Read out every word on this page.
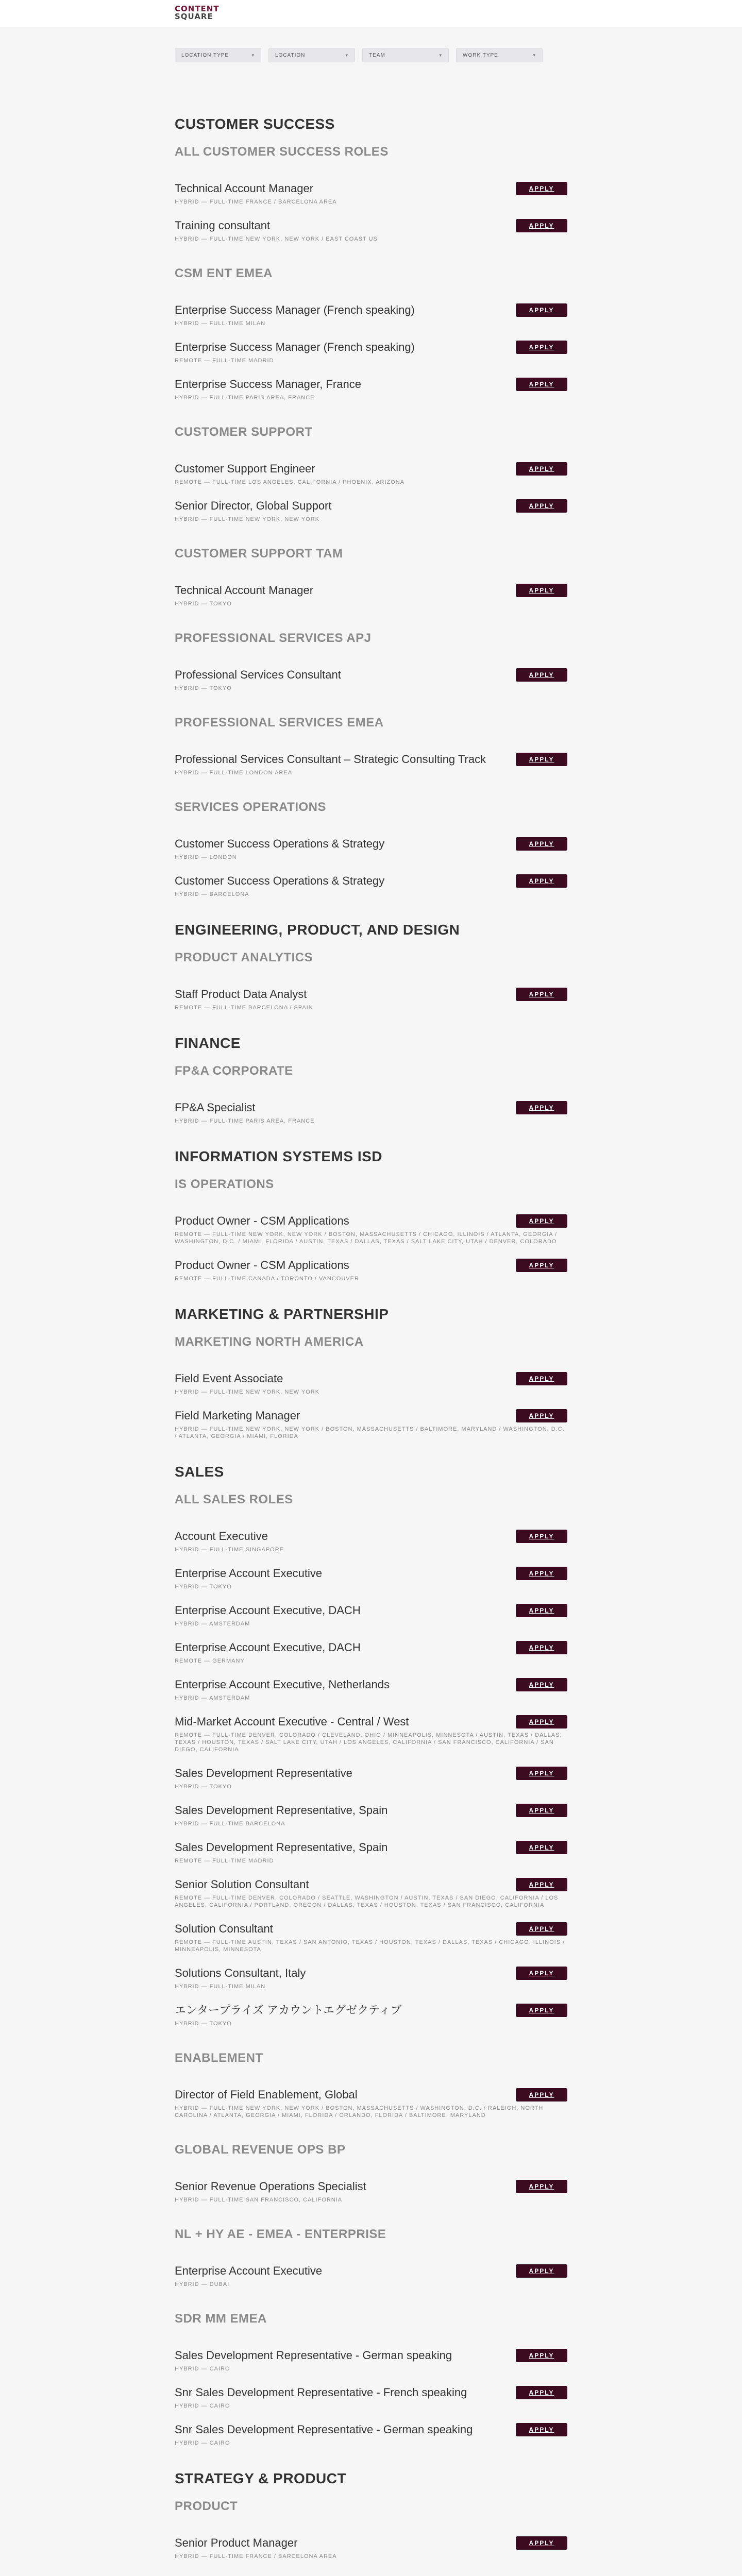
CONTENT
SQUARE
LOCATION TYPE	▾	LOCATION	▾	TEAM	▾	WORK TYPE	▾
CUSTOMER SUCCESS
ALL CUSTOMER SUCCESS ROLES
Technical Account Manager
HYBRID — FULL-TIME FRANCE / BARCELONA AREA
APPLY
Training consultant
HYBRID — FULL-TIME NEW YORK, NEW YORK / EAST COAST US
APPLY
CSM ENT EMEA
Enterprise Success Manager (French speaking)
HYBRID — FULL-TIME MILAN
APPLY
Enterprise Success Manager (French speaking)
REMOTE — FULL-TIME MADRID
APPLY
Enterprise Success Manager, France
HYBRID — FULL-TIME PARIS AREA, FRANCE
APPLY
CUSTOMER SUPPORT
Customer Support Engineer
REMOTE — FULL-TIME LOS ANGELES, CALIFORNIA / PHOENIX, ARIZONA
APPLY
Senior Director, Global Support
HYBRID — FULL-TIME NEW YORK, NEW YORK
APPLY
CUSTOMER SUPPORT TAM
Technical Account Manager
HYBRID — TOKYO
APPLY
PROFESSIONAL SERVICES APJ
Professional Services Consultant
HYBRID — TOKYO
APPLY
PROFESSIONAL SERVICES EMEA
Professional Services Consultant – Strategic Consulting Track
HYBRID — FULL-TIME LONDON AREA
APPLY
SERVICES OPERATIONS
Customer Success Operations & Strategy
HYBRID — LONDON
APPLY
Customer Success Operations & Strategy
HYBRID — BARCELONA
APPLY
ENGINEERING, PRODUCT, AND DESIGN
PRODUCT ANALYTICS
Staff Product Data Analyst
REMOTE — FULL-TIME BARCELONA / SPAIN
APPLY
FINANCE
FP&A CORPORATE
FP&A Specialist
HYBRID — FULL-TIME PARIS AREA, FRANCE
APPLY
INFORMATION SYSTEMS ISD
IS OPERATIONS
Product Owner - CSM Applications
REMOTE — FULL-TIME NEW YORK, NEW YORK / BOSTON, MASSACHUSETTS / CHICAGO, ILLINOIS / ATLANTA, GEORGIA / WASHINGTON, D.C. / MIAMI, FLORIDA / AUSTIN, TEXAS / DALLAS, TEXAS / SALT LAKE CITY, UTAH / DENVER, COLORADO
APPLY
Product Owner - CSM Applications
REMOTE — FULL-TIME CANADA / TORONTO / VANCOUVER
APPLY
MARKETING & PARTNERSHIP
MARKETING NORTH AMERICA
Field Event Associate
HYBRID — FULL-TIME NEW YORK, NEW YORK
APPLY
Field Marketing Manager
HYBRID — FULL-TIME NEW YORK, NEW YORK / BOSTON, MASSACHUSETTS / BALTIMORE, MARYLAND / WASHINGTON, D.C. / ATLANTA, GEORGIA / MIAMI, FLORIDA
APPLY
SALES
ALL SALES ROLES
Account Executive
HYBRID — FULL-TIME SINGAPORE
APPLY
Enterprise Account Executive
HYBRID — TOKYO
APPLY
Enterprise Account Executive, DACH
HYBRID — AMSTERDAM
APPLY
Enterprise Account Executive, DACH
REMOTE — GERMANY
APPLY
Enterprise Account Executive, Netherlands
HYBRID — AMSTERDAM
APPLY
Mid-Market Account Executive - Central / West
REMOTE — FULL-TIME DENVER, COLORADO / CLEVELAND, OHIO / MINNEAPOLIS, MINNESOTA / AUSTIN, TEXAS / DALLAS, TEXAS / HOUSTON, TEXAS / SALT LAKE CITY, UTAH / LOS ANGELES, CALIFORNIA / SAN FRANCISCO, CALIFORNIA / SAN DIEGO, CALIFORNIA
APPLY
Sales Development Representative
HYBRID — TOKYO
APPLY
Sales Development Representative, Spain
HYBRID — FULL-TIME BARCELONA
APPLY
Sales Development Representative, Spain
REMOTE — FULL-TIME MADRID
APPLY
Senior Solution Consultant
REMOTE — FULL-TIME DENVER, COLORADO / SEATTLE, WASHINGTON / AUSTIN, TEXAS / SAN DIEGO, CALIFORNIA / LOS ANGELES, CALIFORNIA / PORTLAND, OREGON / DALLAS, TEXAS / HOUSTON, TEXAS / SAN FRANCISCO, CALIFORNIA
APPLY
Solution Consultant
REMOTE — FULL-TIME AUSTIN, TEXAS / SAN ANTONIO, TEXAS / HOUSTON, TEXAS / DALLAS, TEXAS / CHICAGO, ILLINOIS / MINNEAPOLIS, MINNESOTA
APPLY
Solutions Consultant, Italy
HYBRID — FULL-TIME MILAN
APPLY
エンタープライズ アカウントエグゼクティブ
HYBRID — TOKYO
APPLY
ENABLEMENT
Director of Field Enablement, Global
HYBRID — FULL-TIME NEW YORK, NEW YORK / BOSTON, MASSACHUSETTS / WASHINGTON, D.C. / RALEIGH, NORTH CAROLINA / ATLANTA, GEORGIA / MIAMI, FLORIDA / ORLANDO, FLORIDA / BALTIMORE, MARYLAND
APPLY
GLOBAL REVENUE OPS BP
Senior Revenue Operations Specialist
HYBRID — FULL-TIME SAN FRANCISCO, CALIFORNIA
APPLY
NL + HY AE - EMEA - ENTERPRISE
Enterprise Account Executive
HYBRID — DUBAI
APPLY
SDR MM EMEA
Sales Development Representative - German speaking
HYBRID — CAIRO
APPLY
Snr Sales Development Representative - French speaking
HYBRID — CAIRO
APPLY
Snr Sales Development Representative - German speaking
HYBRID — CAIRO
APPLY
STRATEGY & PRODUCT
PRODUCT
Senior Product Manager
HYBRID — FULL-TIME FRANCE / BARCELONA AREA
APPLY
